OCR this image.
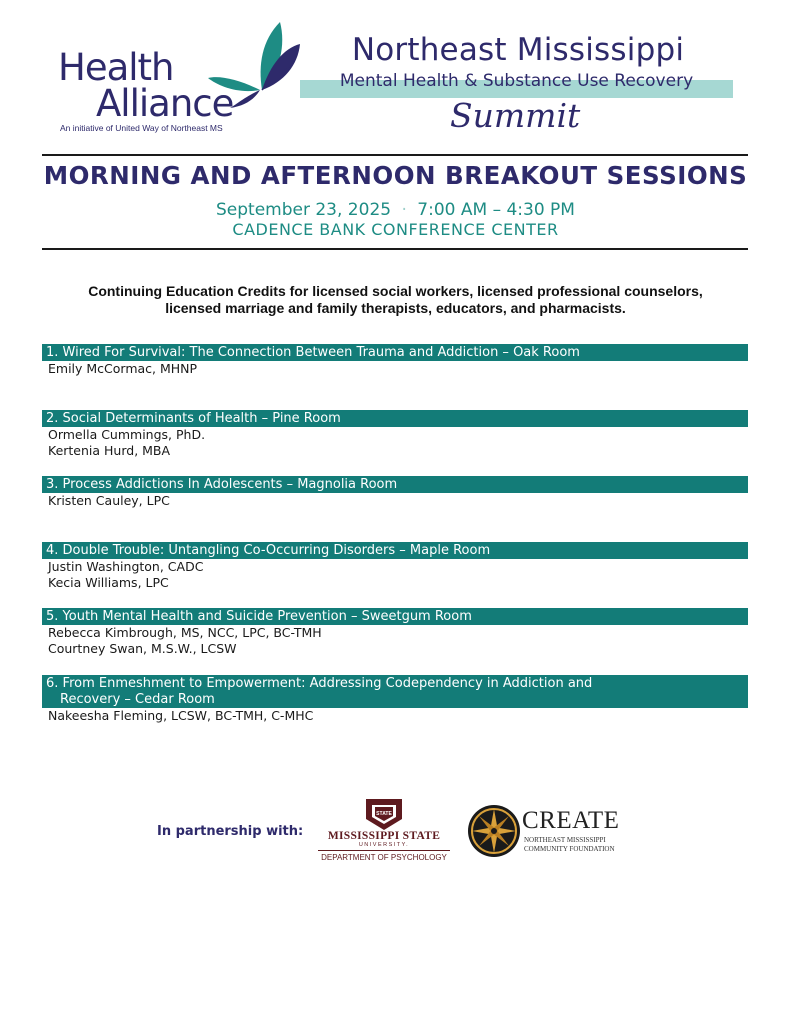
Health
Alliance
An initiative of United Way of Northeast MS
Northeast Mississippi
Mental Health & Substance Use Recovery
Summit
MORNING AND AFTERNOON BREAKOUT SESSIONS
September 23, 2025 · 7:00 AM – 4:30 PM
CADENCE BANK CONFERENCE CENTER
Continuing Education Credits for licensed social workers, licensed professional counselors,
licensed marriage and family therapists, educators, and pharmacists.
1. Wired For Survival: The Connection Between Trauma and Addiction – Oak Room
Emily McCormac, MHNP
2. Social Determinants of Health – Pine Room
Ormella Cummings, PhD.
Kertenia Hurd, MBA
3. Process Addictions In Adolescents – Magnolia Room
Kristen Cauley, LPC
4. Double Trouble: Untangling Co-Occurring Disorders – Maple Room
Justin Washington, CADC
Kecia Williams, LPC
5. Youth Mental Health and Suicide Prevention – Sweetgum Room
Rebecca Kimbrough, MS, NCC, LPC, BC-TMH
Courtney Swan, M.S.W., LCSW
6. From Enmeshment to Empowerment: Addressing Codependency in Addiction and
Recovery – Cedar Room
Nakeesha Fleming, LCSW, BC-TMH, C-MHC
In partnership with:
STATE
MISSISSIPPI STATE
UNIVERSITY.
DEPARTMENT OF PSYCHOLOGY
CREATE
NORTHEAST MISSISSIPPI
COMMUNITY FOUNDATION
